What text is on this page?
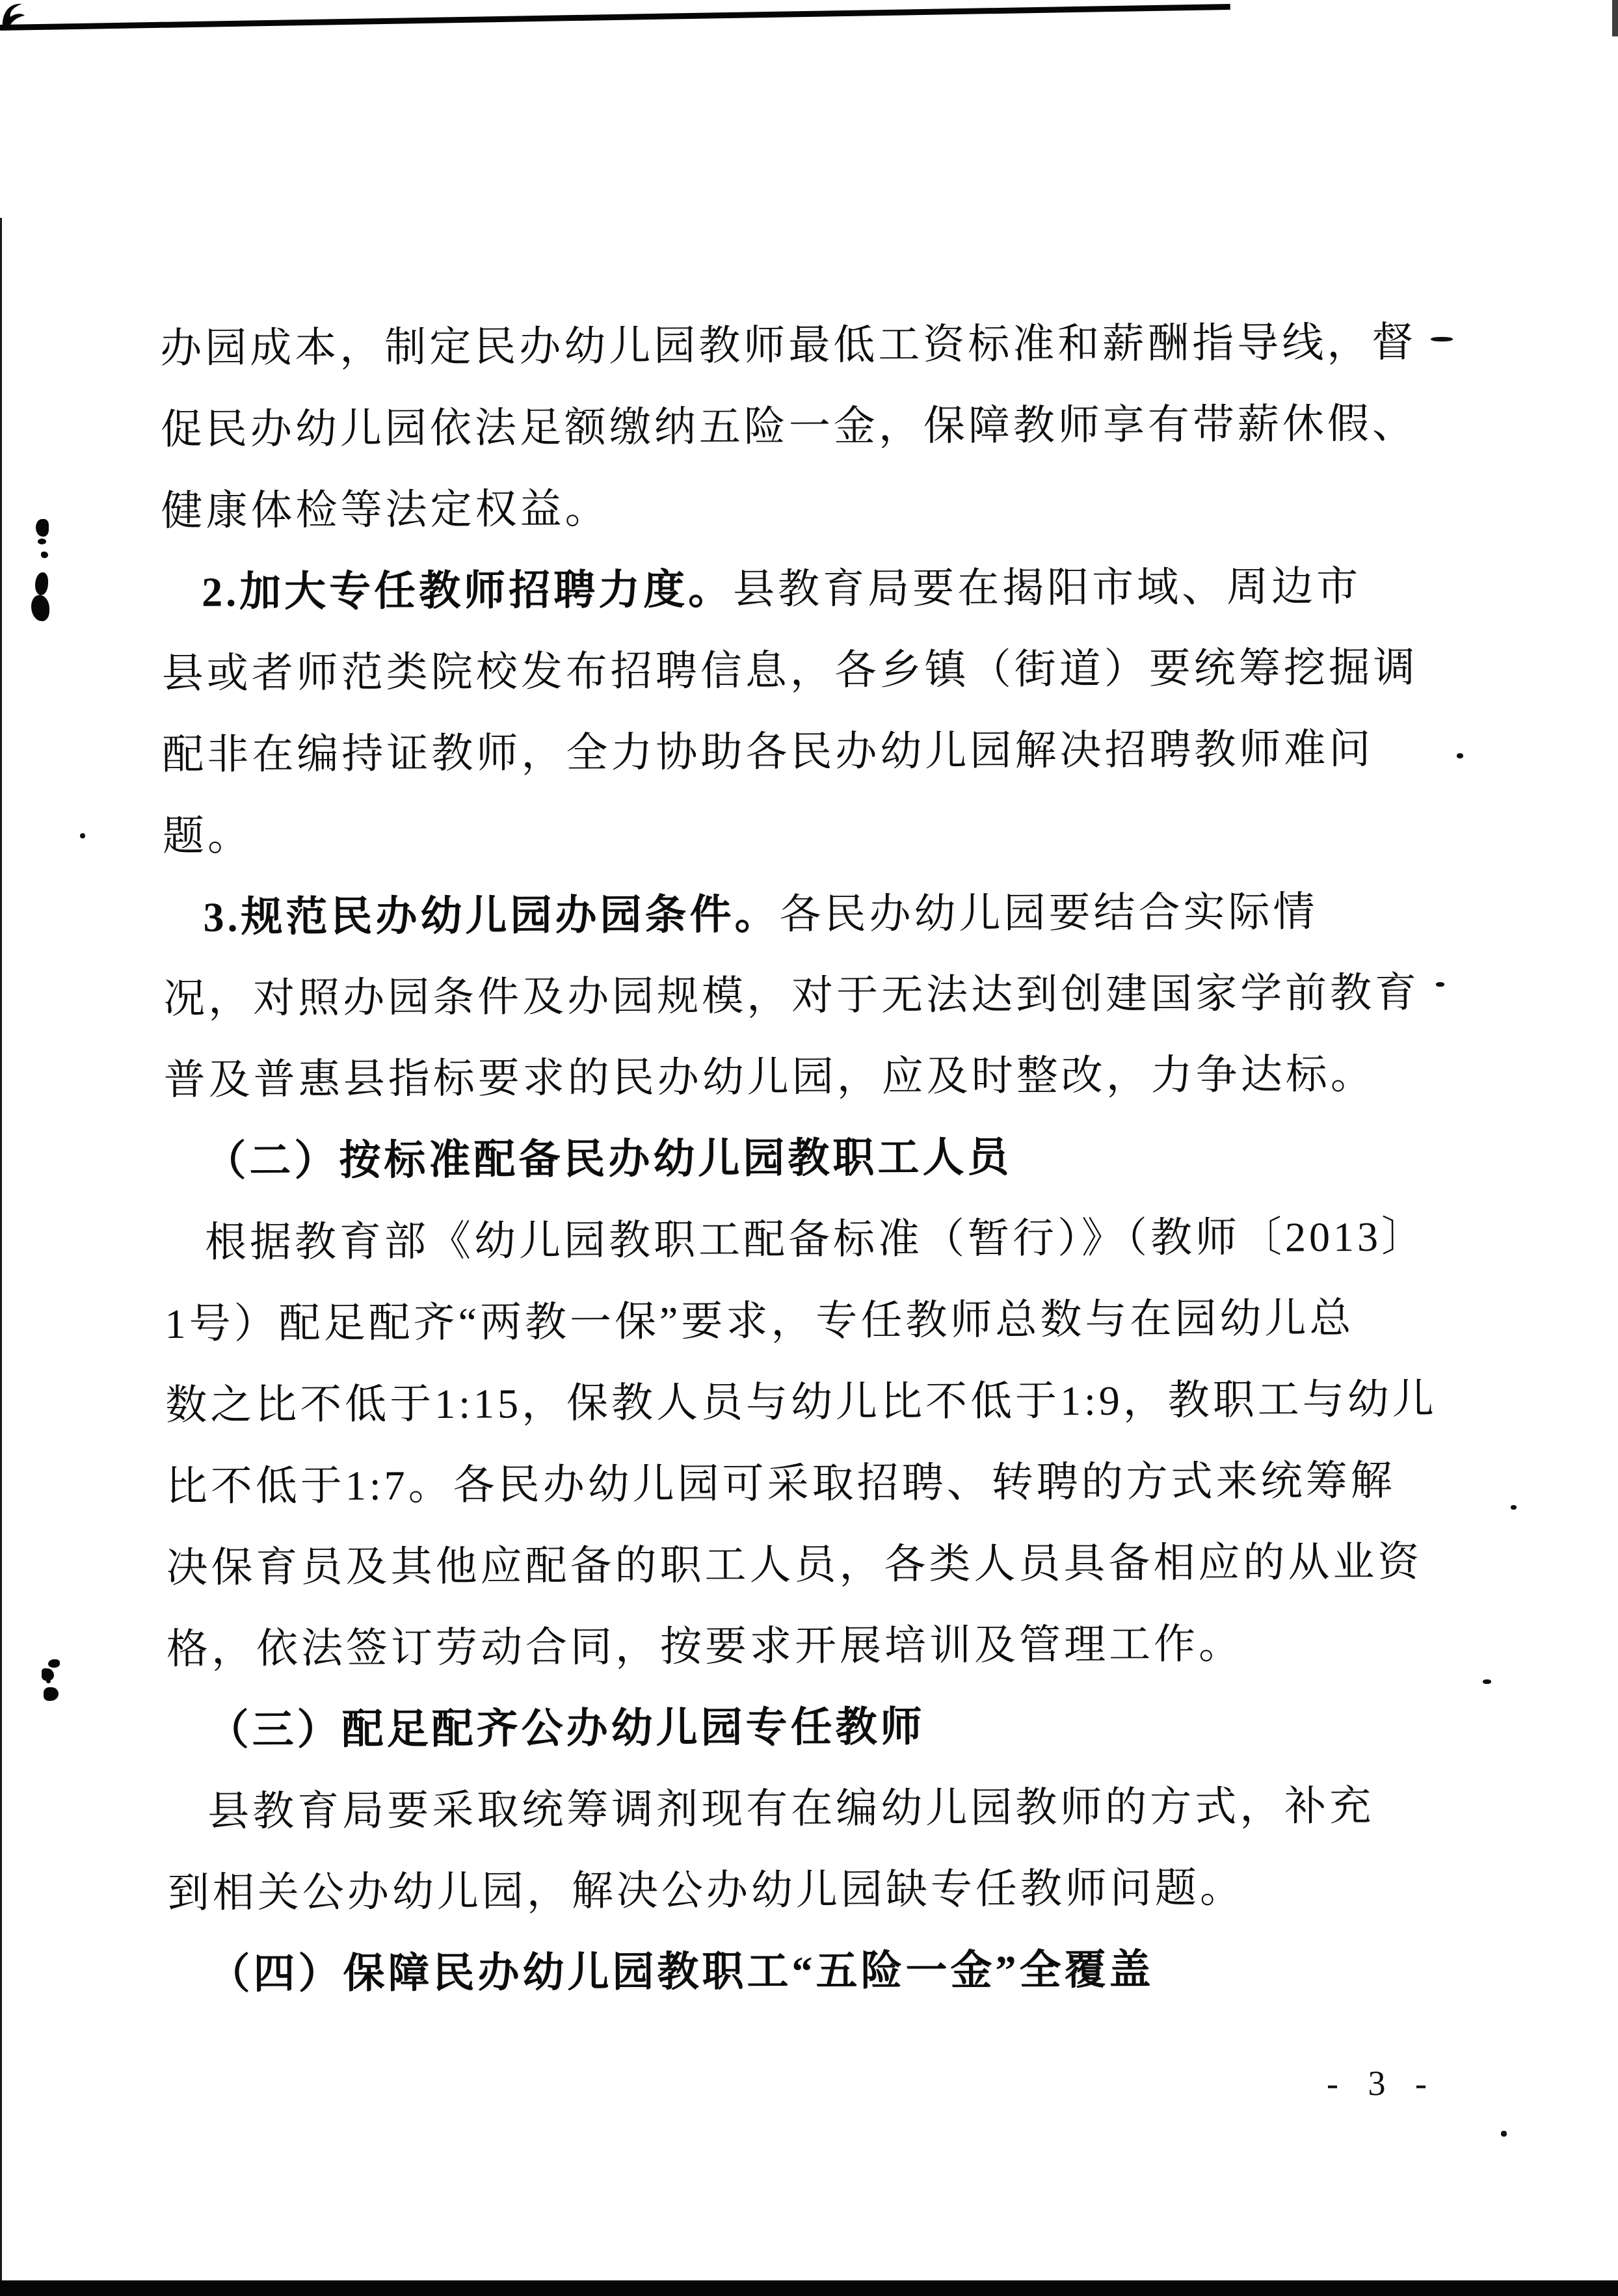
办园成本，制定民办幼儿园教师最低工资标准和薪酬指导线，督
促民办幼儿园依法足额缴纳五险一金，保障教师享有带薪休假、
健康体检等法定权益。
2.加大专任教师招聘力度。县教育局要在揭阳市域、周边市
县或者师范类院校发布招聘信息，各乡镇（街道）要统筹挖掘调
配非在编持证教师，全力协助各民办幼儿园解决招聘教师难问
题。
3.规范民办幼儿园办园条件。各民办幼儿园要结合实际情
况，对照办园条件及办园规模，对于无法达到创建国家学前教育
普及普惠县指标要求的民办幼儿园，应及时整改，力争达标。
（二）按标准配备民办幼儿园教职工人员
根据教育部《幼儿园教职工配备标准（暂行）》（教师〔2013〕
1号）配足配齐“两教一保”要求，专任教师总数与在园幼儿总
数之比不低于1:15，保教人员与幼儿比不低于1:9，教职工与幼儿
比不低于1:7。各民办幼儿园可采取招聘、转聘的方式来统筹解
决保育员及其他应配备的职工人员，各类人员具备相应的从业资
格，依法签订劳动合同，按要求开展培训及管理工作。
（三）配足配齐公办幼儿园专任教师
县教育局要采取统筹调剂现有在编幼儿园教师的方式，补充
到相关公办幼儿园，解决公办幼儿园缺专任教师问题。
（四）保障民办幼儿园教职工“五险一金”全覆盖
- 3 -
